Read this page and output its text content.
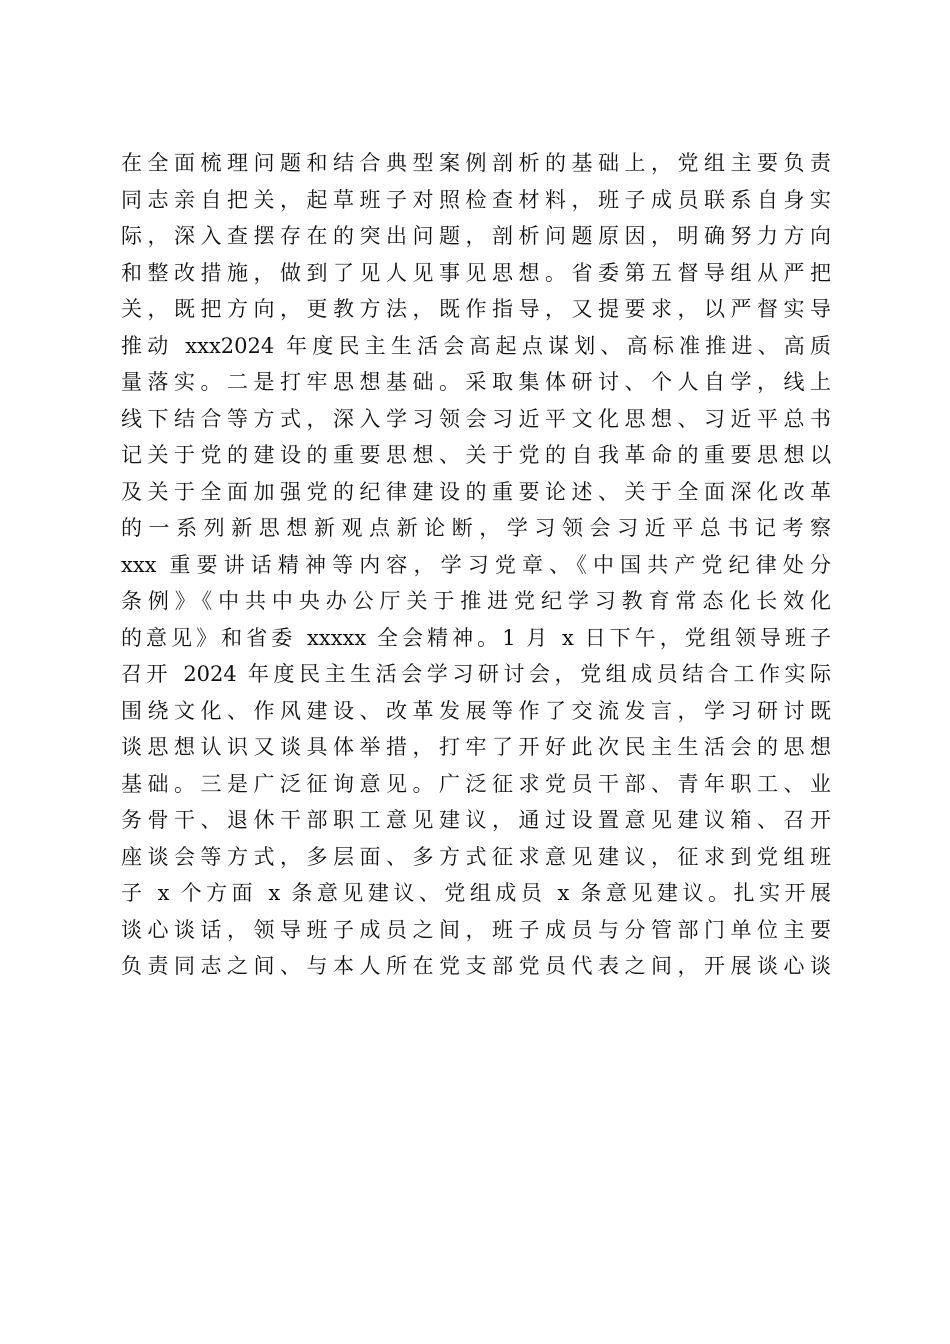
在全面梳理问题和结合典型案例剖析的基础上，党组主要负责
同志亲自把关，起草班子对照检查材料，班子成员联系自身实
际，深入查摆存在的突出问题，剖析问题原因，明确努力方向
和整改措施，做到了见人见事见思想。省委第五督导组从严把
关，既把方向，更教方法，既作指导，又提要求，以严督实导
推动 xxx2024 年度民主生活会高起点谋划、高标准推进、高质
量落实。二是打牢思想基础。采取集体研讨、个人自学，线上
线下结合等方式，深入学习领会习近平文化思想、习近平总书
记关于党的建设的重要思想、关于党的自我革命的重要思想以
及关于全面加强党的纪律建设的重要论述、关于全面深化改革
的一系列新思想新观点新论断，学习领会习近平总书记考察
xxx 重要讲话精神等内容，学习党章、《中国共产党纪律处分
条例》《中共中央办公厅关于推进党纪学习教育常态化长效化
的意见》和省委 xxxxx 全会精神。1 月 x 日下午，党组领导班子
召开 2024 年度民主生活会学习研讨会，党组成员结合工作实际
围绕文化、作风建设、改革发展等作了交流发言，学习研讨既
谈思想认识又谈具体举措，打牢了开好此次民主生活会的思想
基础。三是广泛征询意见。广泛征求党员干部、青年职工、业
务骨干、退休干部职工意见建议，通过设置意见建议箱、召开
座谈会等方式，多层面、多方式征求意见建议，征求到党组班
子 x 个方面 x 条意见建议、党组成员 x 条意见建议。扎实开展
谈心谈话，领导班子成员之间，班子成员与分管部门单位主要
负责同志之间、与本人所在党支部党员代表之间，开展谈心谈
